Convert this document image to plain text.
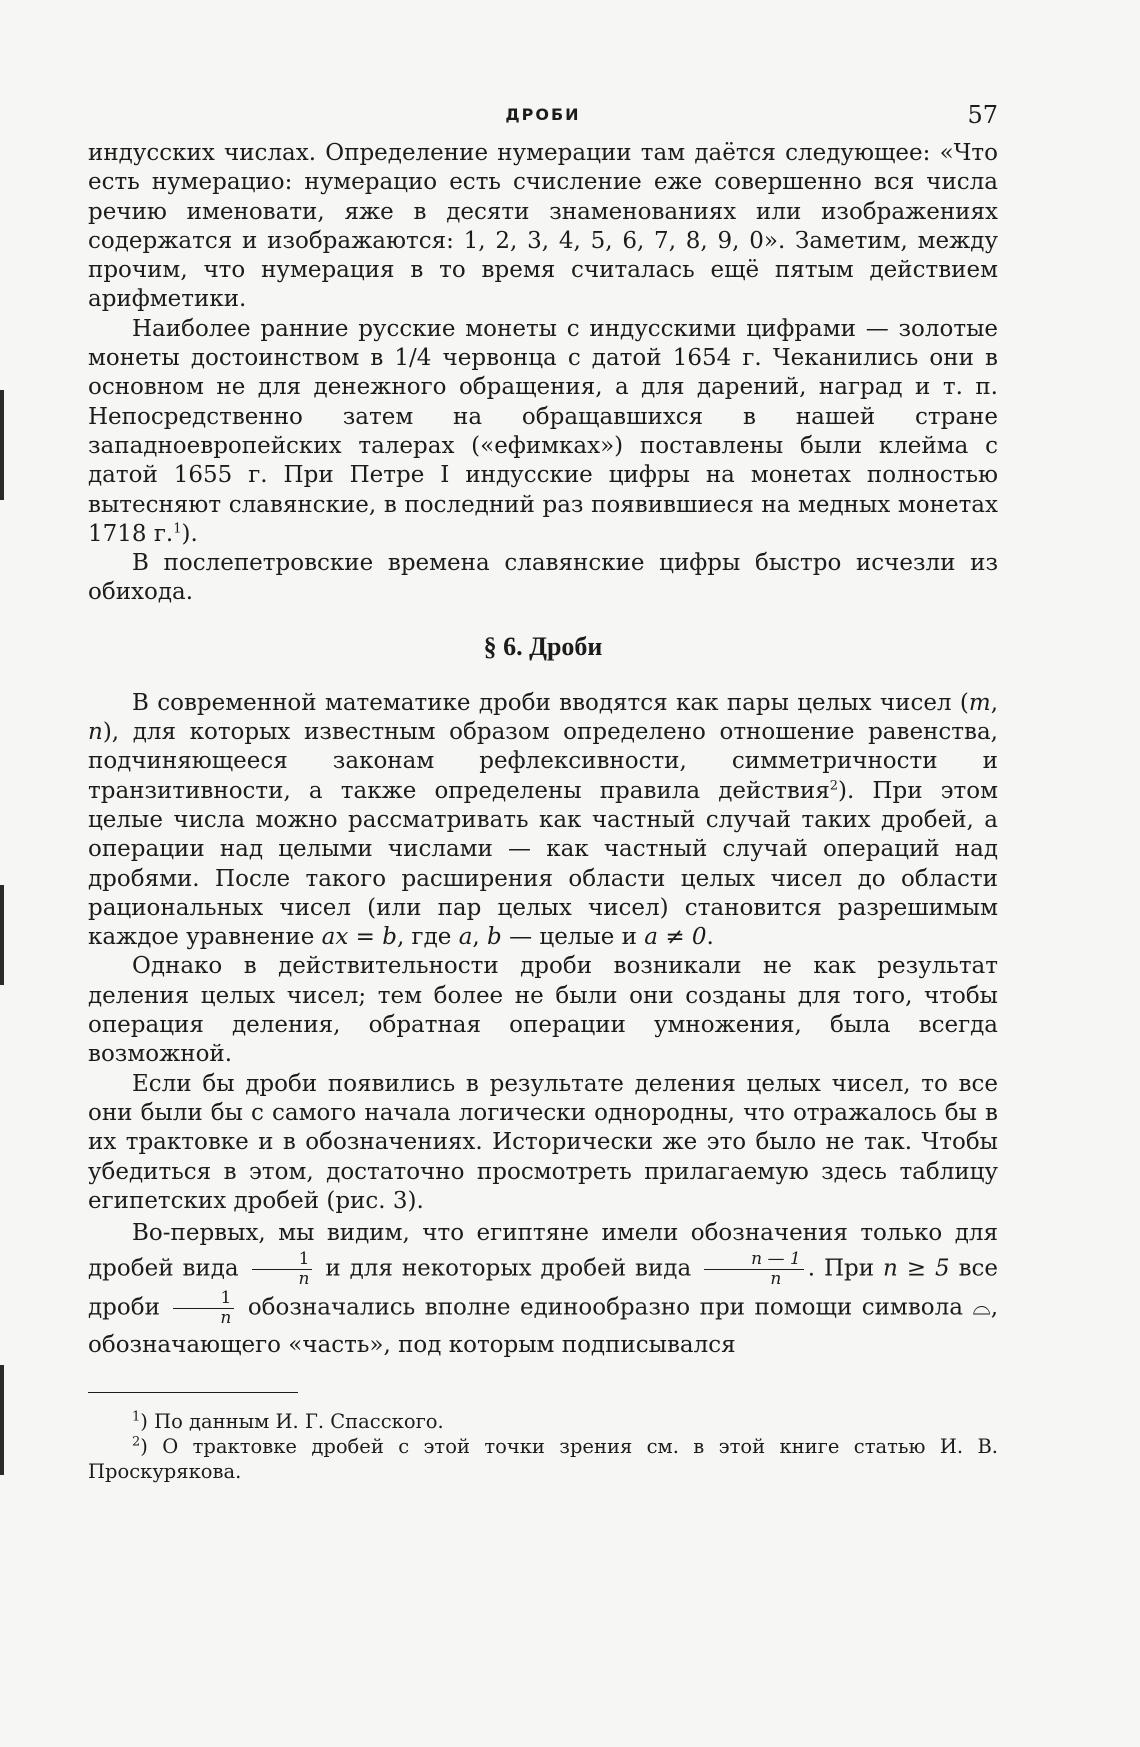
ДРОБИ	57

индусских числах. Определение нумерации там даётся следующее: «Что есть нумерацио: нумерацио есть счисление еже совершенно вся числа речию именовати, яже в десяти знаменованиях или изображениях содержатся и изображаются: 1, 2, 3, 4, 5, 6, 7, 8, 9, 0». Заметим, между прочим, что нумерация в то время считалась ещё пятым действием арифметики.

Наиболее ранние русские монеты с индусскими цифрами — золотые монеты достоинством в 1/4 червонца с датой 1654 г. Чеканились они в основном не для денежного обращения, а для дарений, наград и т. п. Непосредственно затем на обращавшихся в нашей стране западноевропейских талерах («ефимках») поставлены были клейма с датой 1655 г. При Петре I индусские цифры на монетах полностью вытесняют славянские, в последний раз появившиеся на медных монетах 1718 г.$^1$).

В послепетровские времена славянские цифры быстро исчезли из обихода.

§ 6. Дроби

В современной математике дроби вводятся как пары целых чисел (m, n), для которых известным образом определено отношение равенства, подчиняющееся законам рефлексивности, симметричности и транзитивности, а также определены правила действия$^2$). При этом целые числа можно рассматривать как частный случай таких дробей, а операции над целыми числами — как частный случай операций над дробями. После такого расширения области целых чисел до области рациональных чисел (или пар целых чисел) становится разрешимым каждое уравнение ax = b, где a, b — целые и a ≠ 0.

Однако в действительности дроби возникали не как результат деления целых чисел; тем более не были они созданы для того, чтобы операция деления, обратная операции умножения, была всегда возможной.

Если бы дроби появились в результате деления целых чисел, то все они были бы с самого начала логически однородны, что отражалось бы в их трактовке и в обозначениях. Исторически же это было не так. Чтобы убедиться в этом, достаточно просмотреть прилагаемую здесь таблицу египетских дробей (рис. 3).

Во-первых, мы видим, что египтяне имели обозначения только для дробей вида $\frac{1}{n}$ и для некоторых дробей вида $\frac{n — 1}{n}$ . При n ≥ 5 все дроби $\frac{1}{n}$ обозначались вполне единообразно при помощи символа ⌓, обозначающего «часть», под которым подписывался

$^1$) По данным И. Г. Спасского.

$^2$) О трактовке дробей с этой точки зрения см. в этой книге статью И. В. Проскурякова.
